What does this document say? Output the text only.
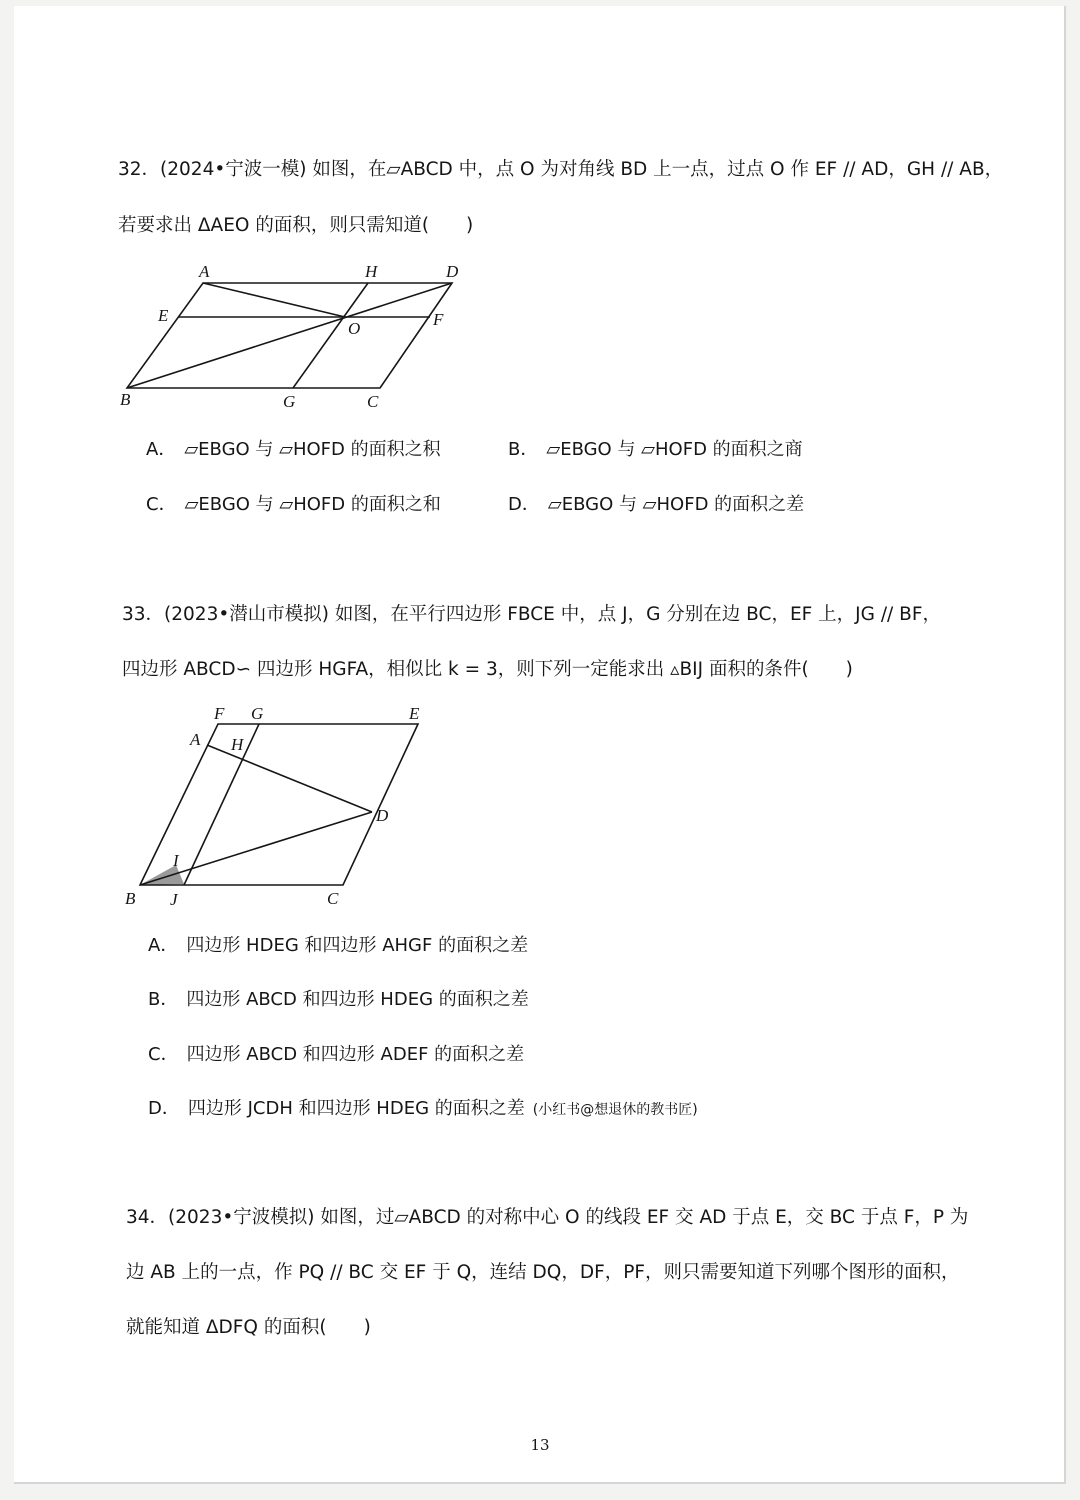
32．(2024•宁波一模) 如图，在▱ABCD 中，点 O 为对角线 BD 上一点，过点 O 作 EF // AD，GH // AB，
若要求出 ΔAEO 的面积，则只需知道(　　)
A	H	D
E
O	F
B	G	C
A． ▱EBGO 与 ▱HOFD 的面积之积	B． ▱EBGO 与 ▱HOFD 的面积之商
C． ▱EBGO 与 ▱HOFD 的面积之和	D． ▱EBGO 与 ▱HOFD 的面积之差
33．(2023•潜山市模拟) 如图，在平行四边形 FBCE 中，点 J，G 分别在边 BC，EF 上，JG // BF，
四边形 ABCD∽ 四边形 HGFA，相似比 k = 3，则下列一定能求出 ▵BIJ 面积的条件(　　)
F G	E
A H
D
I
B J	C
A． 四边形 HDEG 和四边形 AHGF 的面积之差
B． 四边形 ABCD 和四边形 HDEG 的面积之差
C． 四边形 ABCD 和四边形 ADEF 的面积之差
D． 四边形 JCDH 和四边形 HDEG 的面积之差 (小红书@想退休的教书匠)
34．(2023•宁波模拟) 如图，过▱ABCD 的对称中心 O 的线段 EF 交 AD 于点 E，交 BC 于点 F，P 为
边 AB 上的一点，作 PQ // BC 交 EF 于 Q，连结 DQ，DF，PF，则只需要知道下列哪个图形的面积，
就能知道 ΔDFQ 的面积(　　)
13
